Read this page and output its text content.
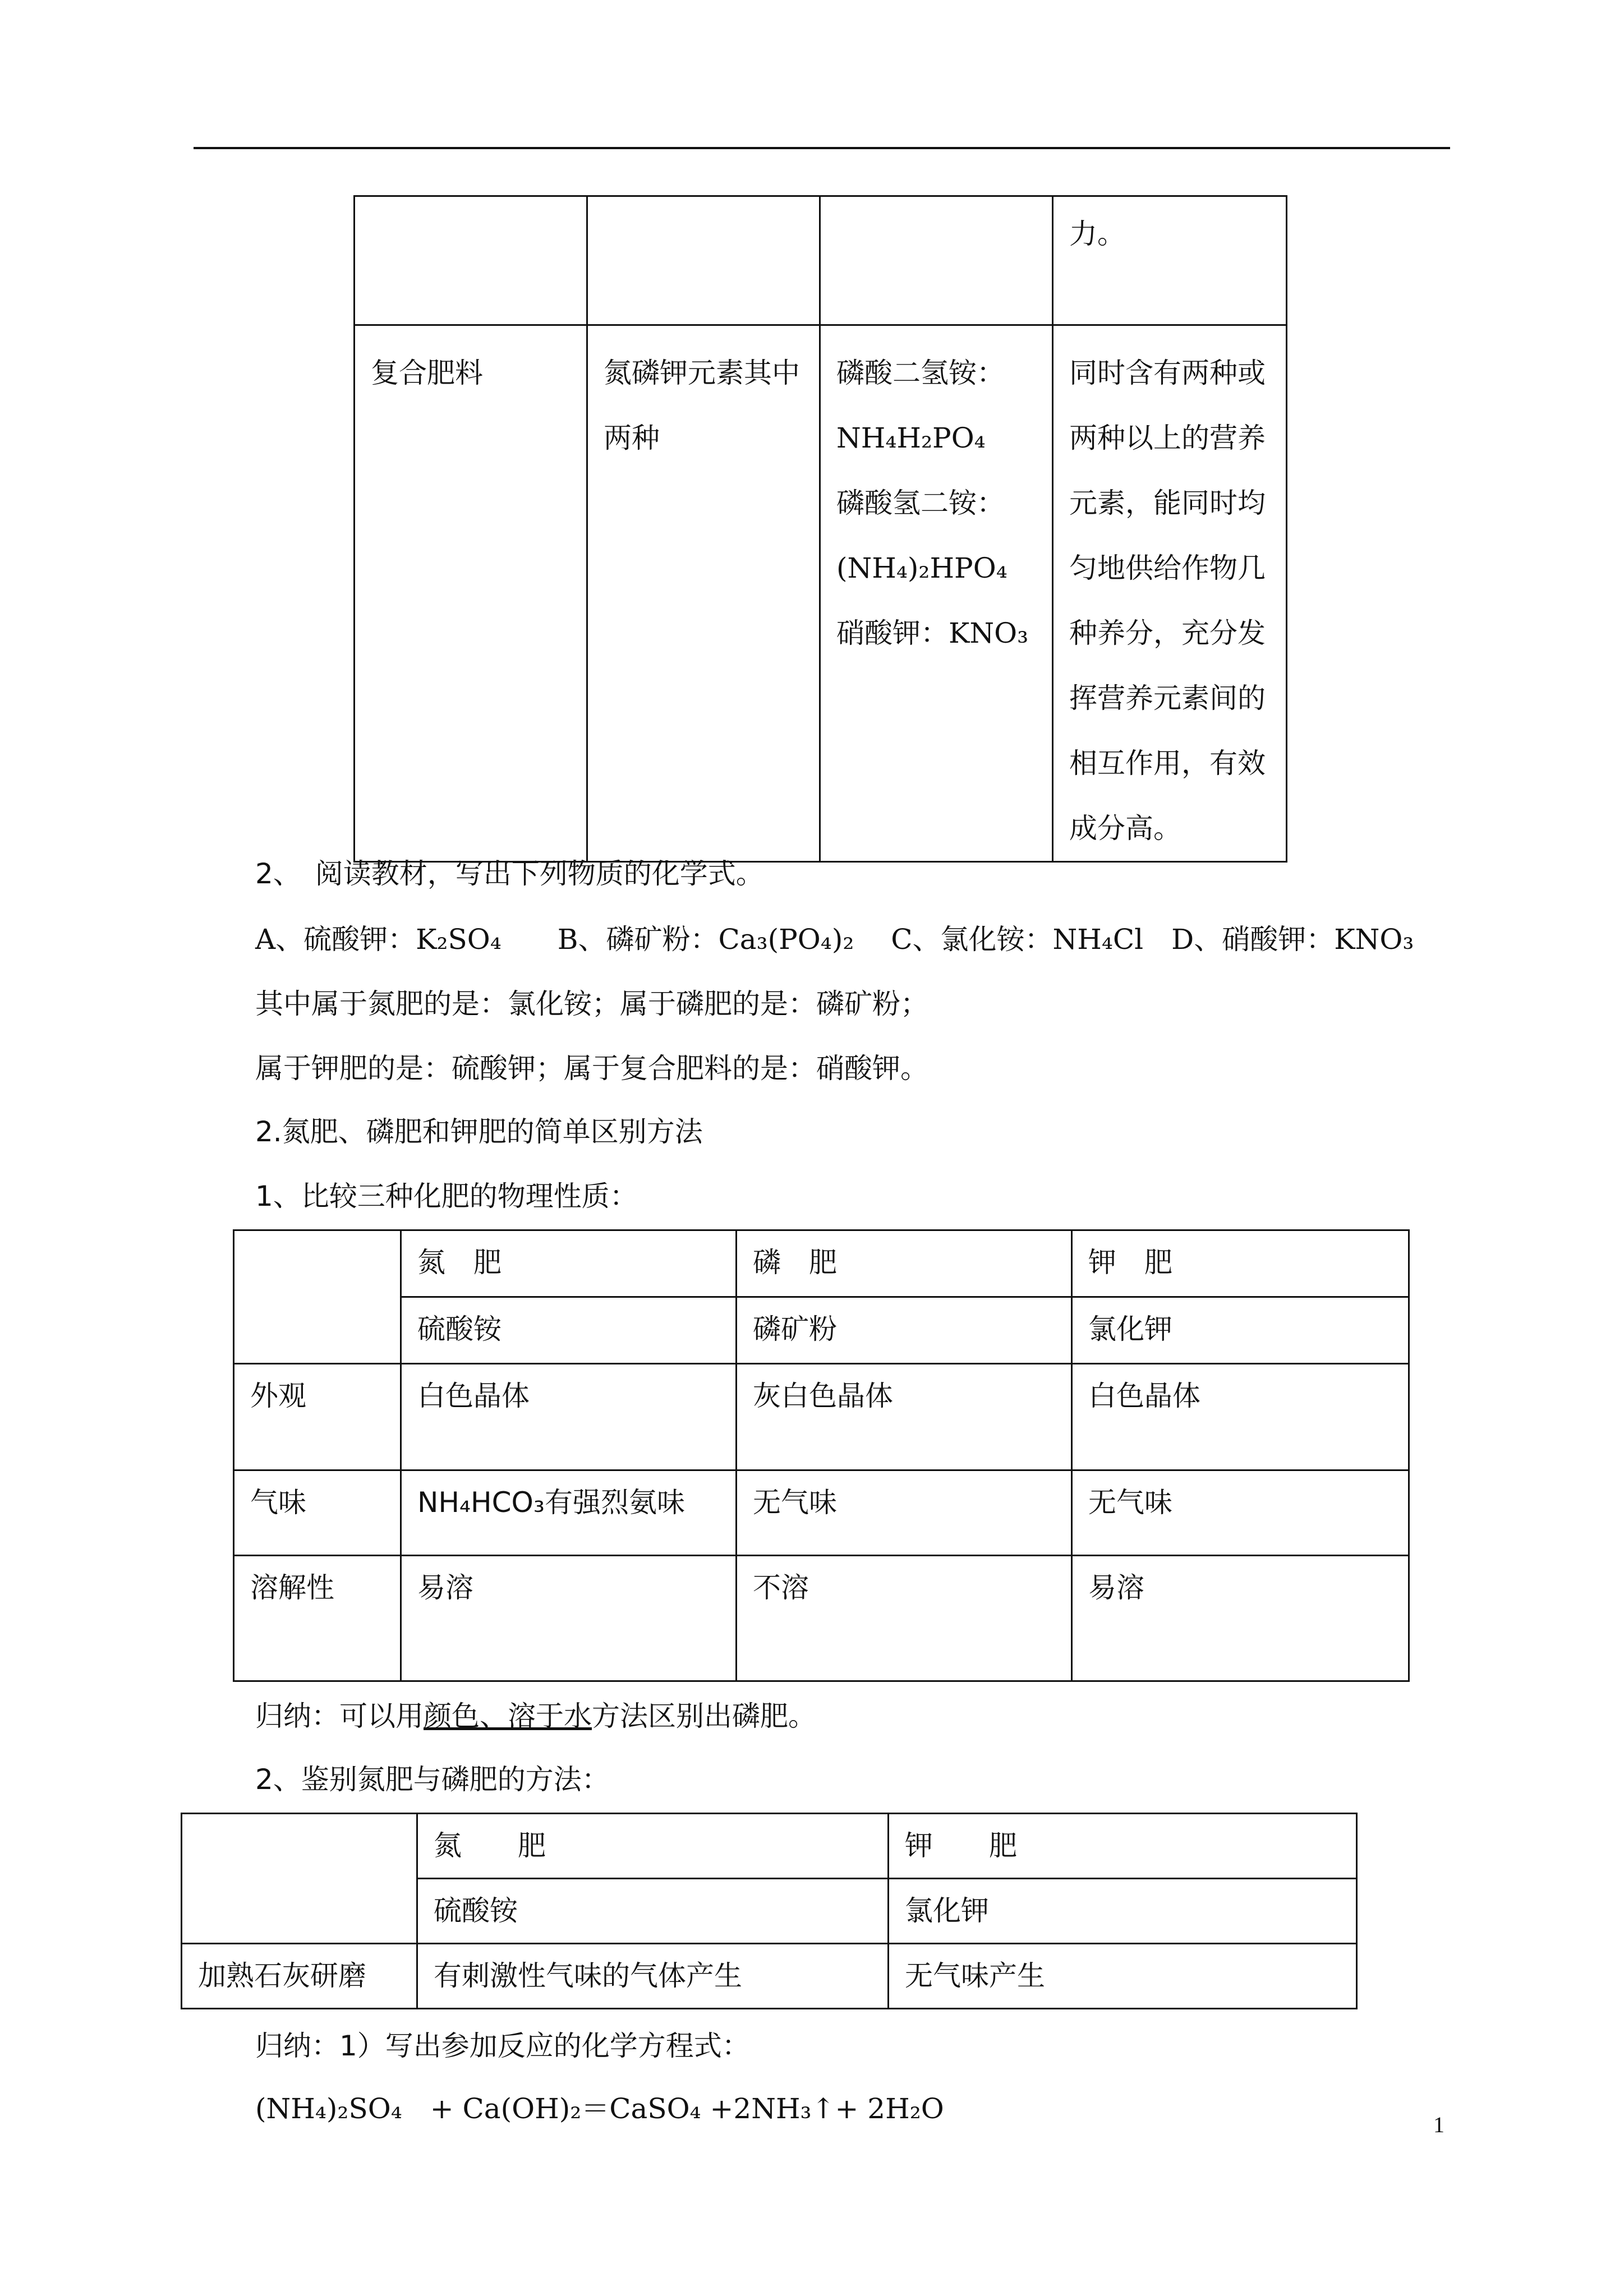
			力。
复合肥料	氮磷钾元素其中两种	磷酸二氢铵：
NH₄H₂PO₄
磷酸氢二铵：
(NH₄)₂HPO₄
硝酸钾：KNO₃	同时含有两种或两种以上的营养元素，能同时均匀地供给作物几种养分，充分发挥营养元素间的相互作用，有效成分高。
2、　阅读教材，写出下列物质的化学式。
A、硫酸钾：K₂SO₄　　B、磷矿粉：Ca₃(PO₄)₂　 C、氯化铵：NH₄Cl　D、硝酸钾：KNO₃
其中属于氮肥的是：氯化铵；属于磷肥的是：磷矿粉；
属于钾肥的是：硫酸钾；属于复合肥料的是：硝酸钾。
2.氮肥、磷肥和钾肥的简单区别方法
1、比较三种化肥的物理性质：
	氮　肥	磷　肥	钾　肥
	硫酸铵	磷矿粉	氯化钾
外观	白色晶体	灰白色晶体	白色晶体
气味	NH₄HCO₃有强烈氨味	无气味	无气味
溶解性	易溶	不溶	易溶
归纳：可以用颜色、溶于水方法区别出磷肥。
2、鉴别氮肥与磷肥的方法：
	氮　　肥	钾　　肥
	硫酸铵	氯化钾
加熟石灰研磨	有刺激性气味的气体产生	无气味产生
归纳：1）写出参加反应的化学方程式：
(NH₄)₂SO₄　+ Ca(OH)₂＝CaSO₄ +2NH₃↑+ 2H₂O	1
